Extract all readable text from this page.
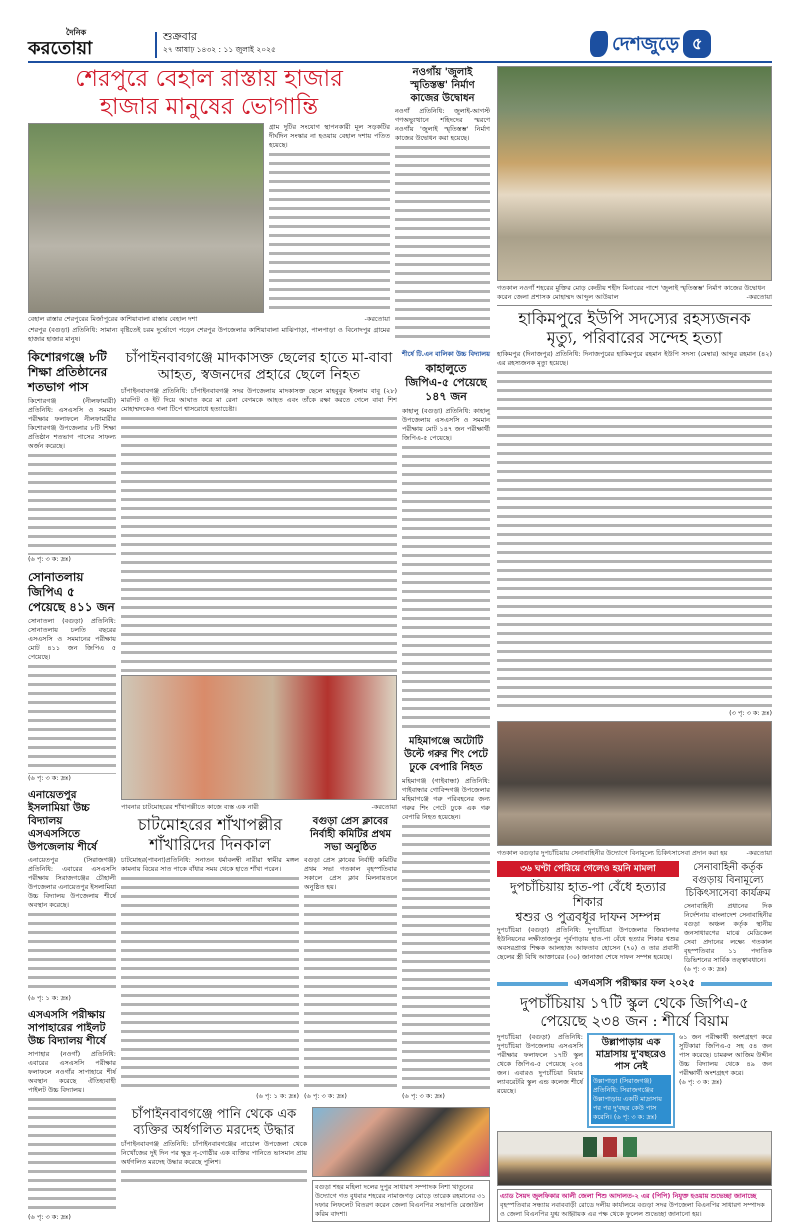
দৈনিক
করতোয়া
শুক্রবার
২৭ আষাঢ় ১৪৩২ : ১১ জুলাই ২০২৫	দেশজুড়ে ৫
শেরপুরে বেহাল রাস্তায় হাজার
হাজার মানুষের ভোগান্তি

গ্রাম দুটির সংযোগ স্থাপনকারী মূল সড়কটির দীর্ঘদিন সংস্কার না হওয়ায় বেহাল দশায় পতিত হয়েছে।

বেহাল রাস্তার শেরপুরের মির্জাপুরের কাশিয়াবালা রাস্তার বেহাল দশা	-করতোয়া

শেরপুর (বগুড়া) প্রতিনিধি: সামান্য বৃষ্টিতেই চরম দুর্ভোগে পড়েন শেরপুর উপজেলার কাশিয়াবালা মাঝিপাড়া, পালপাড়া ও বিনোদপুর গ্রামের হাজার হাজার মানুষ।

নওগাঁয় 'জুলাই স্মৃতিস্তম্ভ' নির্মাণ কাজের উদ্বোধন

নওগাঁ প্রতিনিধি: জুলাই-আগস্ট গণঅভ্যুত্থানে শহিদদের স্মরণে নওগাঁয় 'জুলাই স্মৃতিস্তম্ভ' নির্মাণ কাজের উদ্বোধন করা হয়েছে।

কিশোরগঞ্জে ৮টি শিক্ষা প্রতিষ্ঠানের শতভাগ পাস

কিশোরগঞ্জ (নীলফামারী) প্রতিনিধি: এসএসসি ও সমমান পরীক্ষার ফলাফলে নীলফামারীর কিশোরগঞ্জ উপজেলার ৮টি শিক্ষা প্রতিষ্ঠান শতভাগ পাসের সাফল্য অর্জন করেছে।

(৬ পৃ: ৩ ক: দ্রঃ)

সোনাতলায় জিপিএ ৫ পেয়েছে ৪১১ জন

সোনাতলা (বগুড়া) প্রতিনিধি: সোনাতলায় চলতি বছরের এসএসসি ও সমমানের পরীক্ষায় মোট ৪১১ জন জিপিএ ৫ পেয়েছে।

(৬ পৃ: ৩ ক: দ্রঃ)

এনায়েতপুর ইসলামিয়া উচ্চ বিদ্যালয় এসএসসিতে উপজেলায় শীর্ষে

এনায়েতপুর (সিরাজগঞ্জ) প্রতিনিধি: এবারের এসএসসি পরীক্ষায় সিরাজগঞ্জের চৌহালী উপজেলার এনায়েতপুর ইসলামিয়া উচ্চ বিদ্যালয় উপজেলায় শীর্ষে অবস্থান করেছে।

(৬ পৃ: ১ ক: দ্রঃ)

এসএসসি পরীক্ষায় সাপাহারের পাইলট উচ্চ বিদ্যালয় শীর্ষে

সাপাহার (নওগাঁ) প্রতিনিধি: এবারের এসএসসি পরীক্ষার ফলাফলে নওগাঁর সাপাহারে শীর্ষ অবস্থান করেছে ঐতিহ্যবাহী পাইলট উচ্চ বিদ্যালয়।

(৬ পৃ: ৩ ক: দ্রঃ)

চাঁপাইনবাবগঞ্জে মাদকাসক্ত ছেলের হাতে মা-বাবা
আহত, স্বজনদের প্রহারে ছেলে নিহত

চাঁপাইনবাবগঞ্জ প্রতিনিধি: চাঁপাইনবাবগঞ্জ সদর উপজেলায় মাদকাসক্ত ছেলে মাহবুবুর ইসলাম বাবু (২৮) মারপিট ও ইট দিয়ে আঘাত করে মা রেনা বেগমকে আহত এবং তাঁকে রক্ষা করতে গেলে বাবা শিশ মোহাম্মদকেও গলা টিপে শ্বাসরোধে হত্যাচেষ্টা।

পাবনার চাটমোহরের শাঁখাপল্লীতে কাজে ব্যস্ত এক নারী	-করতোয়া
চাটমোহরের শাঁখাপল্লীর
শাঁখারিদের দিনকাল

চাটমোহর(পাবনা)প্রতিনিধি: সনাতন ধর্মাবলম্বী নারীরা স্বামীর মঙ্গল কামনায় বিয়ের সাত পাকে বাঁধার সময় থেকে হাতে শাঁখা পরেন।

(৬ পৃ: ১ ক: দ্রঃ)

বগুড়া প্রেস ক্লাবের নির্বাহী কমিটির প্রথম সভা অনুষ্ঠিত

বগুড়া প্রেস ক্লাবের নির্বাহী কমিটির প্রথম সভা গতকাল বৃহস্পতিবার সকালে প্রেস ক্লাব মিলনায়তনে অনুষ্ঠিত হয়।

(৬ পৃ: ৩ ক: দ্রঃ)

শীর্ষে টি.এন বালিকা উচ্চ বিদ্যালয়
কাহালুতে জিপিএ-৫ পেয়েছে ১৪৭ জন

কাহালু (বগুড়া) প্রতিনিধি: কাহালু উপজেলায় এসএসসি ও সমমান পরীক্ষায় মোট ১৪৭ জন পরীক্ষার্থী জিপিএ-৫ পেয়েছে।

মহিমাগঞ্জে অটোটি উল্টে গরুর শিং পেটে ঢুকে বেপারি নিহত

মহিমাগঞ্জ (গাইবান্ধা) প্রতিনিধি: গাইবান্ধার গোবিন্দগঞ্জ উপজেলার মহিমাগঞ্জে গরু পরিবহনের জন্য গরুর শিং পেটে ঢুকে এক গরু বেপারি নিহত হয়েছেন।

(৬ পৃ: ৩ ক: দ্রঃ)

চাঁপাইনবাবগঞ্জে পানি থেকে এক
ব্যক্তির অর্ধগলিত মরদেহ উদ্ধার

চাঁপাইনবাবগঞ্জ প্রতিনিধি: চাঁপাইনবাবগঞ্জের নাচোল উপজেলা থেকে নিখোঁজের দুই দিন পর ক্ষুদ্র নৃ-গোষ্ঠীর এক ব্যক্তির পানিতে ভাসমান প্রায় অর্ধগলিত মরদেহ উদ্ধার করেছে পুলিশ।

বগুড়া শহর মহিলা দলের দুপুর সাধারণ সম্পাদক নিশা খাতুনের উদ্যোগে গত বুধবার শহরের নামাজগড় মোড়ে তারেক রহমানের ৩১ দফার লিফলেট বিতরণ করেন জেলা বিএনপির সভাপতি রেজাউল করিম বাদশা।
গতকাল নওগাঁ শহরের মুক্তির মোড় কেন্দ্রীয় শহীদ মিনারের পাশে 'জুলাই স্মৃতিস্তম্ভ' নির্মাণ কাজের উদ্বোধন করেন জেলা প্রশাসক মোহাম্মদ আব্দুল আউয়াল	-করতোয়া
হাকিমপুরে ইউপি সদস্যের রহস্যজনক
মৃত্যু, পরিবারের সন্দেহ হত্যা

হাকিমপুর (দিনাজপুর) প্রতিনিধি: দিনাজপুরের হাকিমপুরে রহমান ইউপি সদস্য (মেম্বার) আব্দুর রহমান (৪২) এর রহস্যজনক মৃত্যু হয়েছে।

(৩ পৃ: ৩ ক: দ্রঃ)

গতকাল বগুড়ার দুপচাঁচিয়ায় সেনাবাহিনীর উদ্যোগে বিনামূল্যে চিকিৎসাসেবা প্রদান করা হয়	-করতোয়া
৩৬ ঘণ্টা পেরিয়ে গেলেও হয়নি মামলা
দুপচাঁচিয়ায় হাত-পা বেঁধে হত্যার শিকার
শ্বশুর ও পুত্রবধূর দাফন সম্পন্ন

দুপচাঁচিয়া (বগুড়া) প্রতিনিধি: দুপচাঁচিয়া উপজেলার জিয়ানগর ইউনিয়নের লক্ষীতাজপুর পূর্বপাড়ায় হাত-পা বেঁধে হত্যার শিকার শ্বশুর অবসরপ্রাপ্ত শিক্ষক আলহাজ আফতাব হোসেন (৭০) ও তার প্রবাসী ছেলের স্ত্রী বিথি আক্তারের (৩০) জানাজা শেষে দাফন সম্পন্ন হয়েছে।

সেনাবাহিনী কর্তৃক বগুড়ায় বিনামূল্যে চিকিৎসাসেবা কার্যক্রম

সেনাবাহিনী প্রধানের দিক নির্দেশনায় বাংলাদেশ সেনাবাহিনীর বগুড়া অঞ্চল কর্তৃক স্থানীয় জনসাধারণের মাঝে মেডিকেল সেবা প্রদানের লক্ষ্যে গতকাল বৃহস্পতিবার ১১ পদাতিক ডিভিশনের সার্বিক তত্ত্বাবধানে।

(৬ পৃ: ৩ ক: দ্রঃ)

এসএসসি পরীক্ষার ফল ২০২৫
দুপচাঁচিয়ায় ১৭টি স্কুল থেকে জিপিএ-৫
পেয়েছে ২৩৪ জন : শীর্ষে বিয়াম

দুপচাঁচিয়া (বগুড়া) প্রতিনিধি: দুপচাঁচিয়া উপজেলায় এসএসসি পরীক্ষার ফলাফলে ১৭টি স্কুল থেকে জিপিএ-৫ পেয়েছে ২৩৪ জন। এবারও দুপচাঁচিয়া বিয়াম ল্যাবরেটরি স্কুল এন্ড কলেজ শীর্ষে রয়েছে।

উল্লাপাড়ায় এক মাদ্রাসায় দু'বছরেও পাস নেই
উল্লাপাড়া (সিরাজগঞ্জ) প্রতিনিধি: সিরাজগঞ্জের উল্লাপাড়ায় একটি মাদ্রাসায় পর পর দু'বছর কেউ পাস করেনি। (৬ পৃ: ৩ ক: দ্রঃ)

৬১ জন পরীক্ষার্থী অংশগ্রহণ করে সুটিকারা জিপিএ-৫ সহ ৫৪ জন পাস করেছে। চামরুল আজিম উদ্দীন উচ্চ বিদ্যালয় থেকে ৪৯ জন পরীক্ষার্থী অংশগ্রহণ করে।

(৬ পৃ: ৩ ক: দ্রঃ)

এ্যাড সৈয়দ জুলফিকার আলী জেলা শিশু আদালত-২ এর (পিপি) নিযুক্ত হওয়ায় শুভেচ্ছা জানাচ্ছে
বৃহস্পতিবার সন্ধ্যায় নবাববাড়ী রোডে দলীয় কার্যালয়ে বগুড়া সদর উপজেলা বিএনপির সাধারণ সম্পাদক ও জেলা বিএনপির যুগ্ম আহ্বায়ক এর পক্ষ থেকে ফুলেল শুভেচ্ছা জানানো হয়।
